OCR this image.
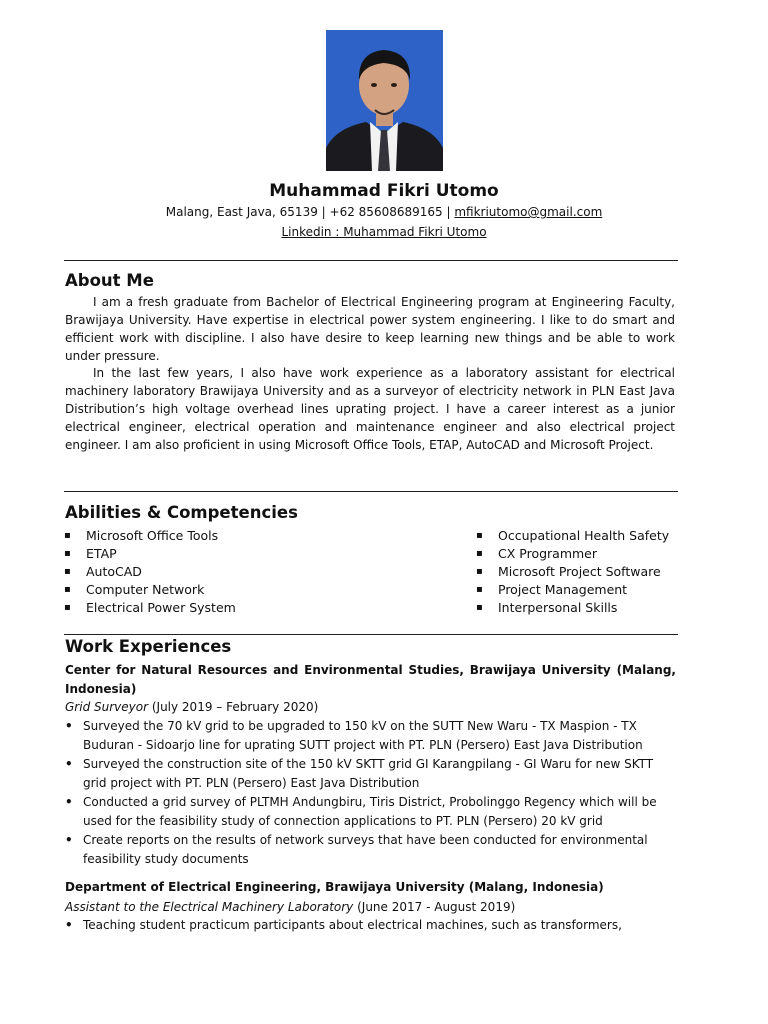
Muhammad Fikri Utomo
Malang, East Java, 65139 | +62 85608689165 | mfikriutomo@gmail.com
Linkedin : Muhammad Fikri Utomo
About Me
I am a fresh graduate from Bachelor of Electrical Engineering program at Engineering Faculty, Brawijaya University. Have expertise in electrical power system engineering. I like to do smart and efficient work with discipline. I also have desire to keep learning new things and be able to work under pressure.
In the last few years, I also have work experience as a laboratory assistant for electrical machinery laboratory Brawijaya University and as a surveyor of electricity network in PLN East Java Distribution’s high voltage overhead lines uprating project. I have a career interest as a junior electrical engineer, electrical operation and maintenance engineer and also electrical project engineer. I am also proficient in using Microsoft Office Tools, ETAP, AutoCAD and Microsoft Project.
Abilities & Competencies
▪ Microsoft Office Tools
▪ ETAP
▪ AutoCAD
▪ Computer Network
▪ Electrical Power System
▪ Occupational Health Safety
▪ CX Programmer
▪ Microsoft Project Software
▪ Project Management
▪ Interpersonal Skills
Work Experiences
Center for Natural Resources and Environmental Studies, Brawijaya University (Malang, Indonesia)
Grid Surveyor (July 2019 – February 2020)
• Surveyed the 70 kV grid to be upgraded to 150 kV on the SUTT New Waru - TX Maspion - TX Buduran - Sidoarjo line for uprating SUTT project with PT. PLN (Persero) East Java Distribution
• Surveyed the construction site of the 150 kV SKTT grid GI Karangpilang - GI Waru for new SKTT grid project with PT. PLN (Persero) East Java Distribution
• Conducted a grid survey of PLTMH Andungbiru, Tiris District, Probolinggo Regency which will be used for the feasibility study of connection applications to PT. PLN (Persero) 20 kV grid
• Create reports on the results of network surveys that have been conducted for environmental feasibility study documents
Department of Electrical Engineering, Brawijaya University (Malang, Indonesia)
Assistant to the Electrical Machinery Laboratory (June 2017 - August 2019)
• Teaching student practicum participants about electrical machines, such as transformers,
